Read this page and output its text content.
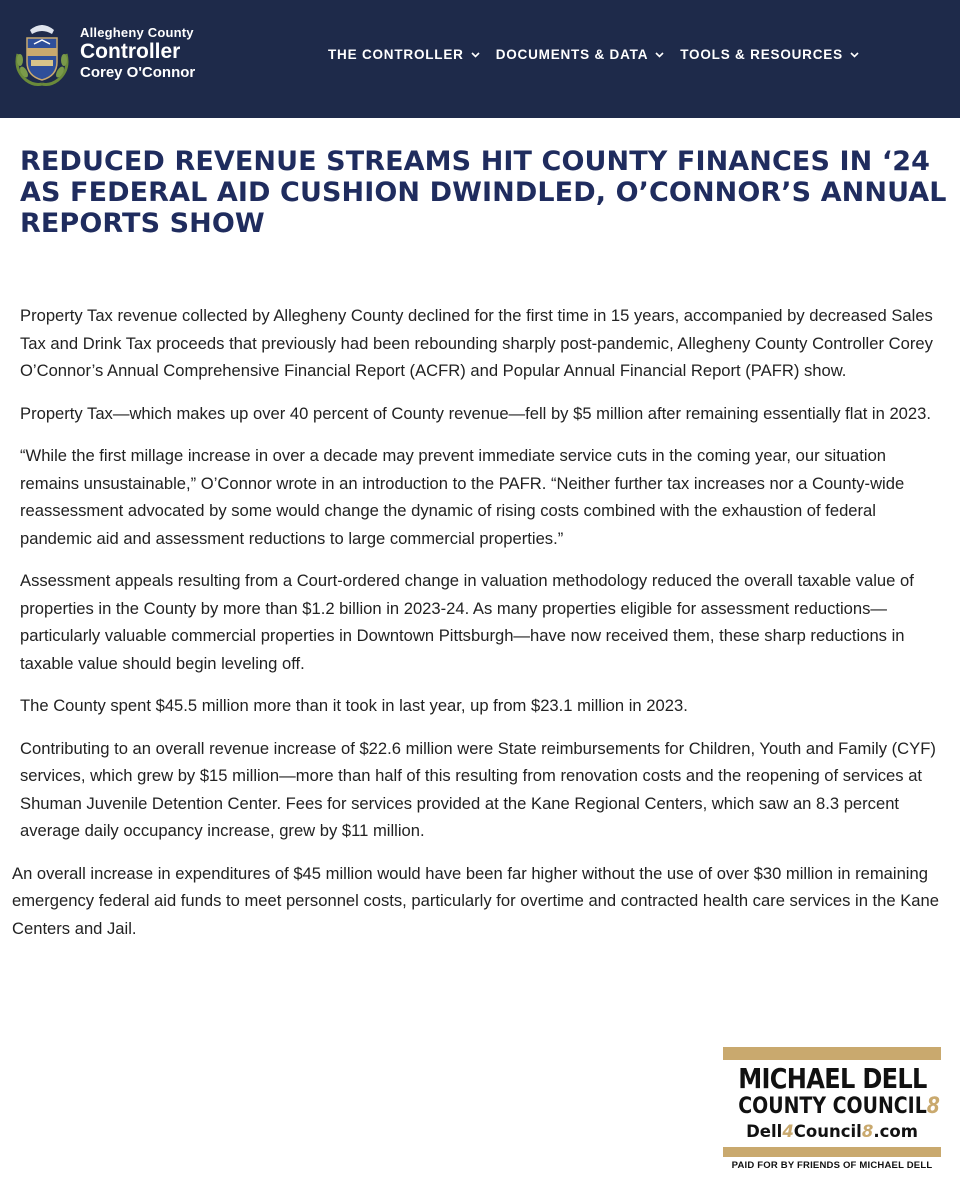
Allegheny County
Controller
Corey O'Connor
THE CONTROLLER DOCUMENTS & DATA TOOLS & RESOURCES
REDUCED REVENUE STREAMS HIT COUNTY FINANCES IN ‘24 AS FEDERAL AID CUSHION DWINDLED, O’CONNOR’S ANNUAL REPORTS SHOW

Property Tax revenue collected by Allegheny County declined for the first time in 15 years, accompanied by decreased Sales Tax and Drink Tax proceeds that previously had been rebounding sharply post-pandemic, Allegheny County Controller Corey O’Connor’s Annual Comprehensive Financial Report (ACFR) and Popular Annual Financial Report (PAFR) show.

Property Tax—which makes up over 40 percent of County revenue—fell by $5 million after remaining essentially flat in 2023.

“While the first millage increase in over a decade may prevent immediate service cuts in the coming year, our situation remains unsustainable,” O’Connor wrote in an introduction to the PAFR. “Neither further tax increases nor a County-wide reassessment advocated by some would change the dynamic of rising costs combined with the exhaustion of federal pandemic aid and assessment reductions to large commercial properties.”

Assessment appeals resulting from a Court-ordered change in valuation methodology reduced the overall taxable value of properties in the County by more than $1.2 billion in 2023-24. As many properties eligible for assessment reductions—particularly valuable commercial properties in Downtown Pittsburgh—have now received them, these sharp reductions in taxable value should begin leveling off.

The County spent $45.5 million more than it took in last year, up from $23.1 million in 2023.

Contributing to an overall revenue increase of $22.6 million were State reimbursements for Children, Youth and Family (CYF) services, which grew by $15 million—more than half of this resulting from renovation costs and the reopening of services at Shuman Juvenile Detention Center. Fees for services provided at the Kane Regional Centers, which saw an 8.3 percent average daily occupancy increase, grew by $11 million.

An overall increase in expenditures of $45 million would have been far higher without the use of over $30 million in remaining emergency federal aid funds to meet personnel costs, particularly for overtime and contracted health care services in the Kane Centers and Jail.

MICHAEL DELL
COUNTY COUNCIL8
Dell4Council8.com
PAID FOR BY FRIENDS OF MICHAEL DELL
